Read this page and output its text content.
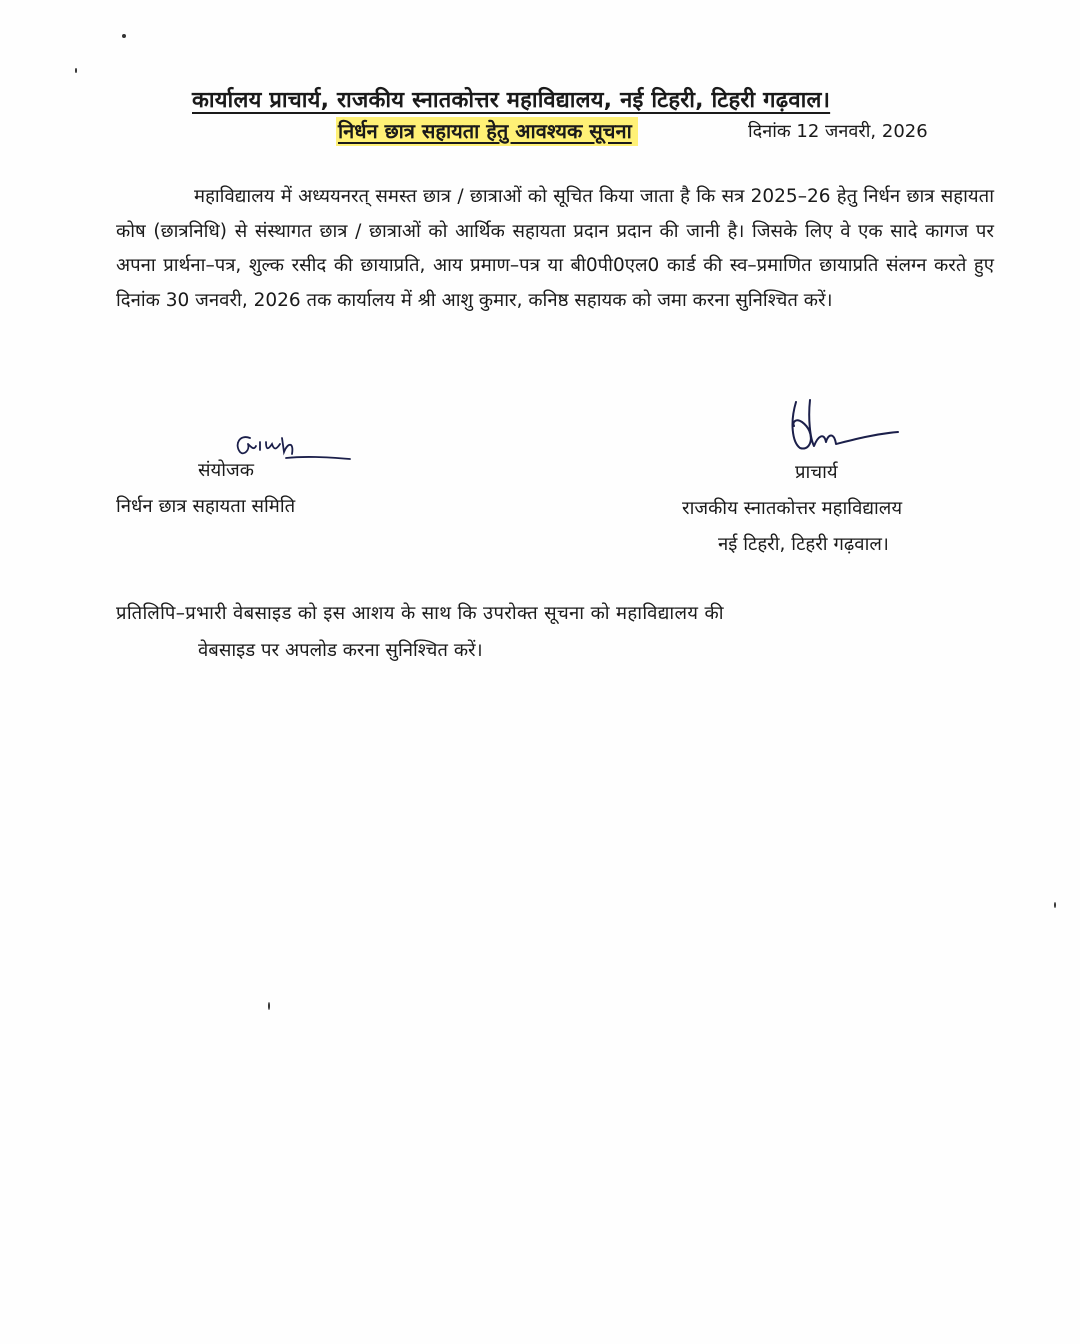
कार्यालय प्राचार्य, राजकीय स्नातकोत्तर महाविद्यालय, नई टिहरी, टिहरी गढ़वाल।
निर्धन छात्र सहायता हेतु आवश्यक सूचना	दिनांक 12 जनवरी, 2026

महाविद्यालय में अध्ययनरत् समस्त छात्र / छात्राओं को सूचित किया जाता है कि सत्र 2025–26 हेतु निर्धन छात्र सहायता कोष (छात्रनिधि) से संस्थागत छात्र / छात्राओं को आर्थिक सहायता प्रदान प्रदान की जानी है। जिसके लिए वे एक सादे कागज पर अपना प्रार्थना–पत्र, शुल्क रसीद की छायाप्रति, आय प्रमाण–पत्र या बी0पी0एल0 कार्ड की स्व–प्रमाणित छायाप्रति संलग्न करते हुए दिनांक 30 जनवरी, 2026 तक कार्यालय में श्री आशु कुमार, कनिष्ठ सहायक को जमा करना सुनिश्चित करें।

संयोजक
निर्धन छात्र सहायता समिति
प्राचार्य
राजकीय स्नातकोत्तर महाविद्यालय
नई टिहरी, टिहरी गढ़वाल।
प्रतिलिपि–प्रभारी वेबसाइड को इस आशय के साथ कि उपरोक्त सूचना को महाविद्यालय की
वेबसाइड पर अपलोड करना सुनिश्चित करें।
